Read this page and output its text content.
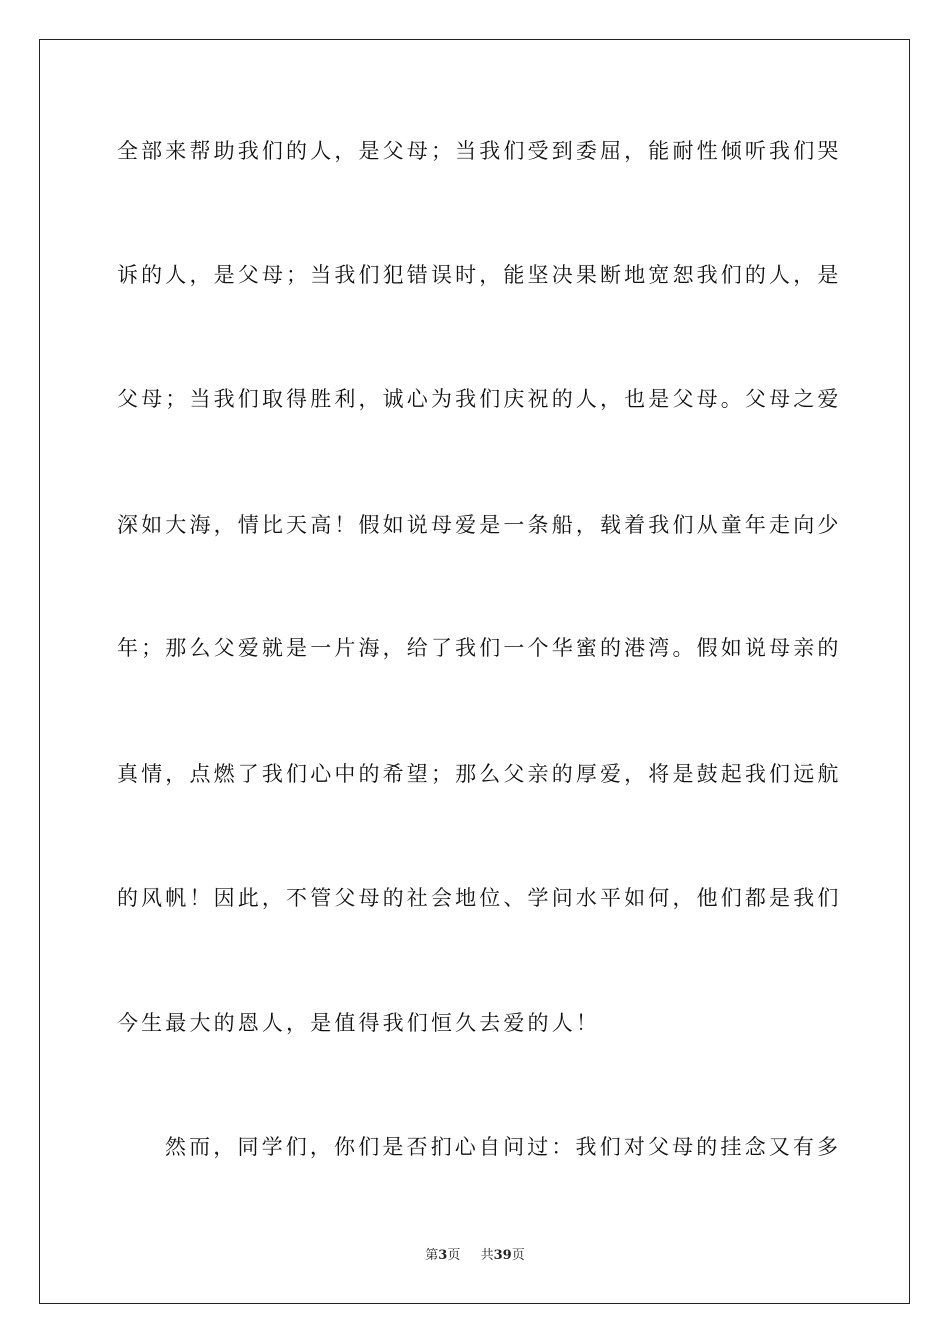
全部来帮助我们的人，是父母；当我们受到委屈，能耐性倾听我们哭
诉的人，是父母；当我们犯错误时，能坚决果断地宽恕我们的人，是
父母；当我们取得胜利，诚心为我们庆祝的人，也是父母。父母之爱
深如大海，情比天高！假如说母爱是一条船，载着我们从童年走向少
年；那么父爱就是一片海，给了我们一个华蜜的港湾。假如说母亲的
真情，点燃了我们心中的希望；那么父亲的厚爱，将是鼓起我们远航
的风帆！因此，不管父母的社会地位、学问水平如何，他们都是我们
今生最大的恩人，是值得我们恒久去爱的人！
然而，同学们，你们是否扪心自问过：我们对父母的挂念又有多
第3页 共39页
